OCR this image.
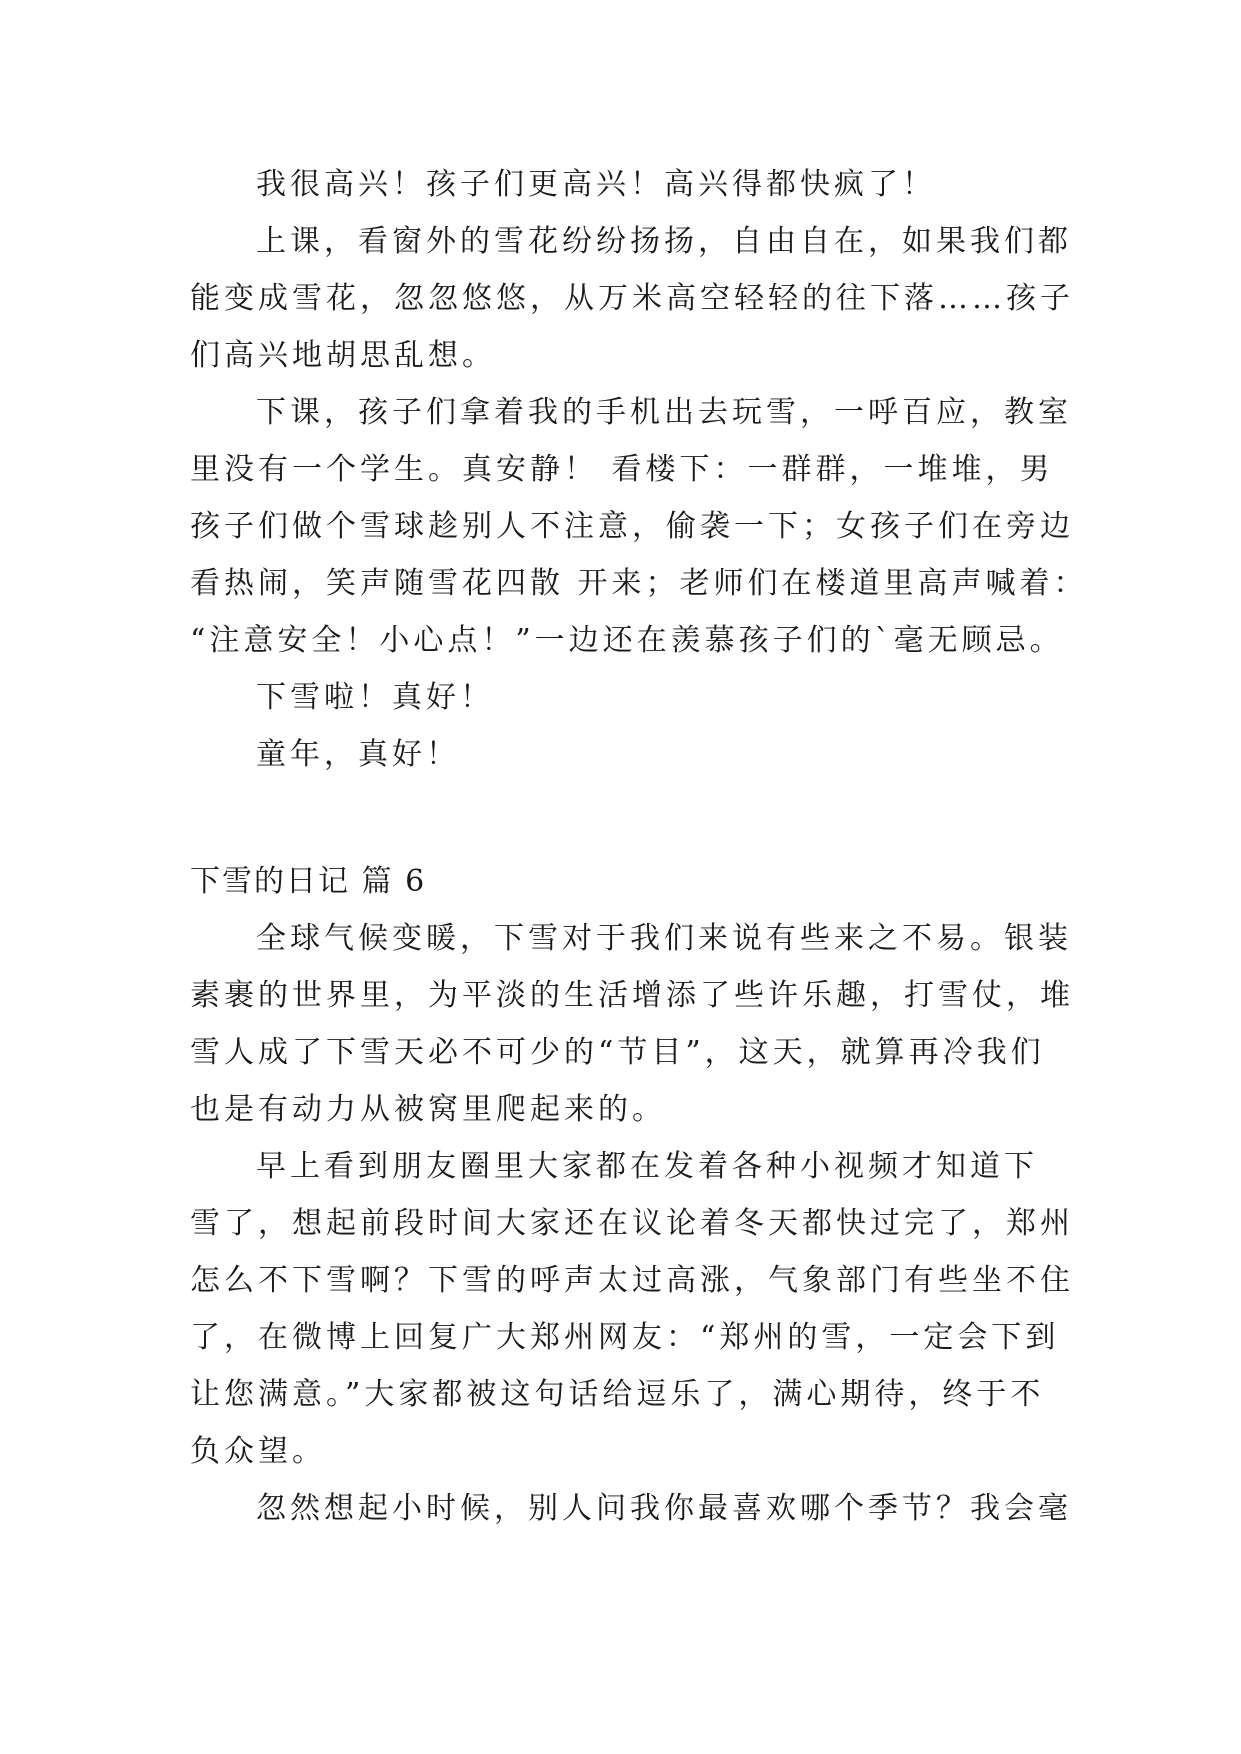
我很高兴！孩子们更高兴！高兴得都快疯了！
上课，看窗外的雪花纷纷扬扬，自由自在，如果我们都
能变成雪花，忽忽悠悠，从万米高空轻轻的往下落……孩子
们高兴地胡思乱想。
下课，孩子们拿着我的手机出去玩雪，一呼百应，教室
里没有一个学生。真安静！ 看楼下：一群群，一堆堆，男
孩子们做个雪球趁别人不注意，偷袭一下；女孩子们在旁边
看热闹，笑声随雪花四散 开来；老师们在楼道里高声喊着：
“注意安全！小心点！”一边还在羡慕孩子们的`毫无顾忌。
下雪啦！真好！
童年，真好！
下雪的日记 篇 6
全球气候变暖，下雪对于我们来说有些来之不易。银装
素裹的世界里，为平淡的生活增添了些许乐趣，打雪仗，堆
雪人成了下雪天必不可少的“节目”，这天，就算再冷我们
也是有动力从被窝里爬起来的。
早上看到朋友圈里大家都在发着各种小视频才知道下
雪了，想起前段时间大家还在议论着冬天都快过完了，郑州
怎么不下雪啊？下雪的呼声太过高涨，气象部门有些坐不住
了，在微博上回复广大郑州网友：“郑州的雪，一定会下到
让您满意。”大家都被这句话给逗乐了，满心期待，终于不
负众望。
忽然想起小时候，别人问我你最喜欢哪个季节？我会毫
